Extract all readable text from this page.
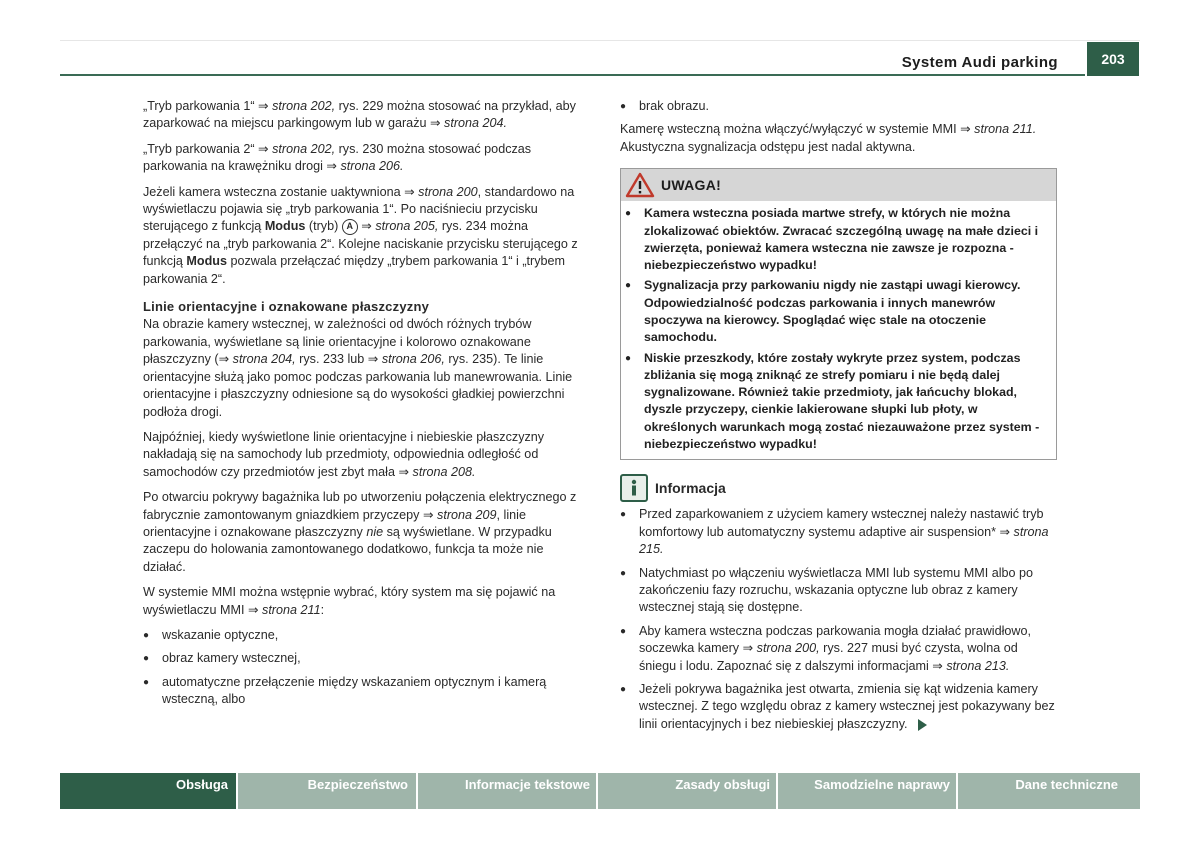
System Audi parking	203

„Tryb parkowania 1“ ⇒ strona 202, rys. 229 można stosować na przykład, aby zaparkować na miejscu parkingowym lub w garażu ⇒ strona 204.

„Tryb parkowania 2“ ⇒ strona 202, rys. 230 można stosować podczas parkowania na krawężniku drogi ⇒ strona 206.

Jeżeli kamera wsteczna zostanie uaktywniona ⇒ strona 200, standardowo na wyświetlaczu pojawia się „tryb parkowania 1“. Po naciśnieciu przycisku sterującego z funkcją Modus (tryb) A ⇒ strona 205, rys. 234 można przełączyć na „tryb parkowania 2“. Kolejne naciskanie przycisku sterującego z funkcją Modus pozwala przełączać między „trybem parkowania 1“ i „trybem parkowania 2“.

Linie orientacyjne i oznakowane płaszczyzny

Na obrazie kamery wstecznej, w zależności od dwóch różnych trybów parkowania, wyświetlane są linie orientacyjne i kolorowo oznakowane płaszczyzny (⇒ strona 204, rys. 233 lub ⇒ strona 206, rys. 235). Te linie orientacyjne służą jako pomoc podczas parkowania lub manewrowania. Linie orientacyjne i płaszczyzny odniesione są do wysokości gładkiej powierzchni podłoża drogi.

Najpóźniej, kiedy wyświetlone linie orientacyjne i niebieskie płaszczyzny nakładają się na samochody lub przedmioty, odpowiednia odległość od samochodów czy przedmiotów jest zbyt mała ⇒ strona 208.

Po otwarciu pokrywy bagażnika lub po utworzeniu połączenia elektrycznego z fabrycznie zamontowanym gniazdkiem przyczepy ⇒ strona 209, linie orientacyjne i oznakowane płaszczyzny nie są wyświetlane. W przypadku zaczepu do holowania zamontowanego dodatkowo, funkcja ta może nie działać.

W systemie MMI można wstępnie wybrać, który system ma się pojawić na wyświetlaczu MMI ⇒ strona 211:

●	wskazanie optyczne,
●	obraz kamery wstecznej,
●	automatyczne przełączenie między wskazaniem optycznym i kamerą wsteczną, albo
●	brak obrazu.

Kamerę wsteczną można włączyć/wyłączyć w systemie MMI ⇒ strona 211. Akustyczna sygnalizacja odstępu jest nadal aktywna.

UWAGA!
●	Kamera wsteczna posiada martwe strefy, w których nie można zlokalizować obiektów. Zwracać szczególną uwagę na małe dzieci i zwierzęta, ponieważ kamera wsteczna nie zawsze je rozpozna - niebezpieczeństwo wypadku!
●	Sygnalizacja przy parkowaniu nigdy nie zastąpi uwagi kierowcy. Odpowiedzialność podczas parkowania i innych manewrów spoczywa na kierowcy. Spoglądać więc stale na otoczenie samochodu.
●	Niskie przeszkody, które zostały wykryte przez system, podczas zbliżania się mogą zniknąć ze strefy pomiaru i nie będą dalej sygnalizowane. Również takie przedmioty, jak łańcuchy blokad, dyszle przyczepy, cienkie lakierowane słupki lub płoty, w określonych warunkach mogą zostać niezauważone przez system - niebezpieczeństwo wypadku!
Informacja
●	Przed zaparkowaniem z użyciem kamery wstecznej należy nastawić tryb komfortowy lub automatyczny systemu adaptive air suspension* ⇒ strona 215.
●	Natychmiast po włączeniu wyświetlacza MMI lub systemu MMI albo po zakończeniu fazy rozruchu, wskazania optyczne lub obraz z kamery wstecznej stają się dostępne.
●	Aby kamera wsteczna podczas parkowania mogła działać prawidłowo, soczewka kamery ⇒ strona 200, rys. 227 musi być czysta, wolna od śniegu i lodu. Zapoznać się z dalszymi informacjami ⇒ strona 213.
●	Jeżeli pokrywa bagażnika jest otwarta, zmienia się kąt widzenia kamery wstecznej. Z tego względu obraz z kamery wstecznej jest pokazywany bez linii orientacyjnych i bez niebieskiej płaszczyzny.
Obsługa	Bezpieczeństwo	Informacje tekstowe	Zasady obsługi	Samodzielne naprawy	Dane techniczne
